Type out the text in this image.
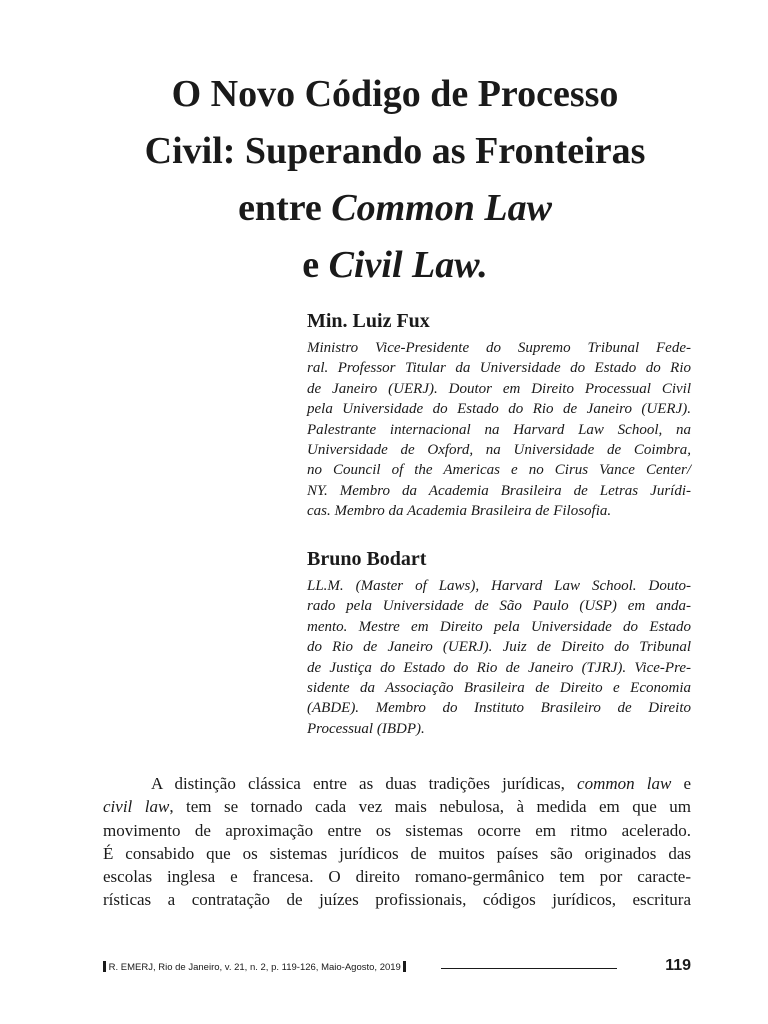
O Novo Código de Processo
Civil: Superando as Fronteiras
entre Common Law
e Civil Law.
Min. Luiz Fux
Ministro Vice-Presidente do Supremo Tribunal Fede-
ral. Professor Titular da Universidade do Estado do Rio
de Janeiro (UERJ). Doutor em Direito Processual Civil
pela Universidade do Estado do Rio de Janeiro (UERJ).
Palestrante internacional na Harvard Law School, na
Universidade de Oxford, na Universidade de Coimbra,
no Council of the Americas e no Cirus Vance Center/
NY. Membro da Academia Brasileira de Letras Jurídi-
cas. Membro da Academia Brasileira de Filosofia.
Bruno Bodart
LL.M. (Master of Laws), Harvard Law School. Douto-
rado pela Universidade de São Paulo (USP) em anda-
mento. Mestre em Direito pela Universidade do Estado
do Rio de Janeiro (UERJ). Juiz de Direito do Tribunal
de Justiça do Estado do Rio de Janeiro (TJRJ). Vice-Pre-
sidente da Associação Brasileira de Direito e Economia
(ABDE). Membro do Instituto Brasileiro de Direito
Processual (IBDP).
A distinção clássica entre as duas tradições jurídicas, common law e
civil law, tem se tornado cada vez mais nebulosa, à medida em que um
movimento de aproximação entre os sistemas ocorre em ritmo acelerado.
É consabido que os sistemas jurídicos de muitos países são originados das
escolas inglesa e francesa. O direito romano-germânico tem por caracte-
rísticas a contratação de juízes profissionais, códigos jurídicos, escritura
R. EMERJ, Rio de Janeiro, v. 21, n. 2, p. 119-126, Maio-Agosto, 2019	119
